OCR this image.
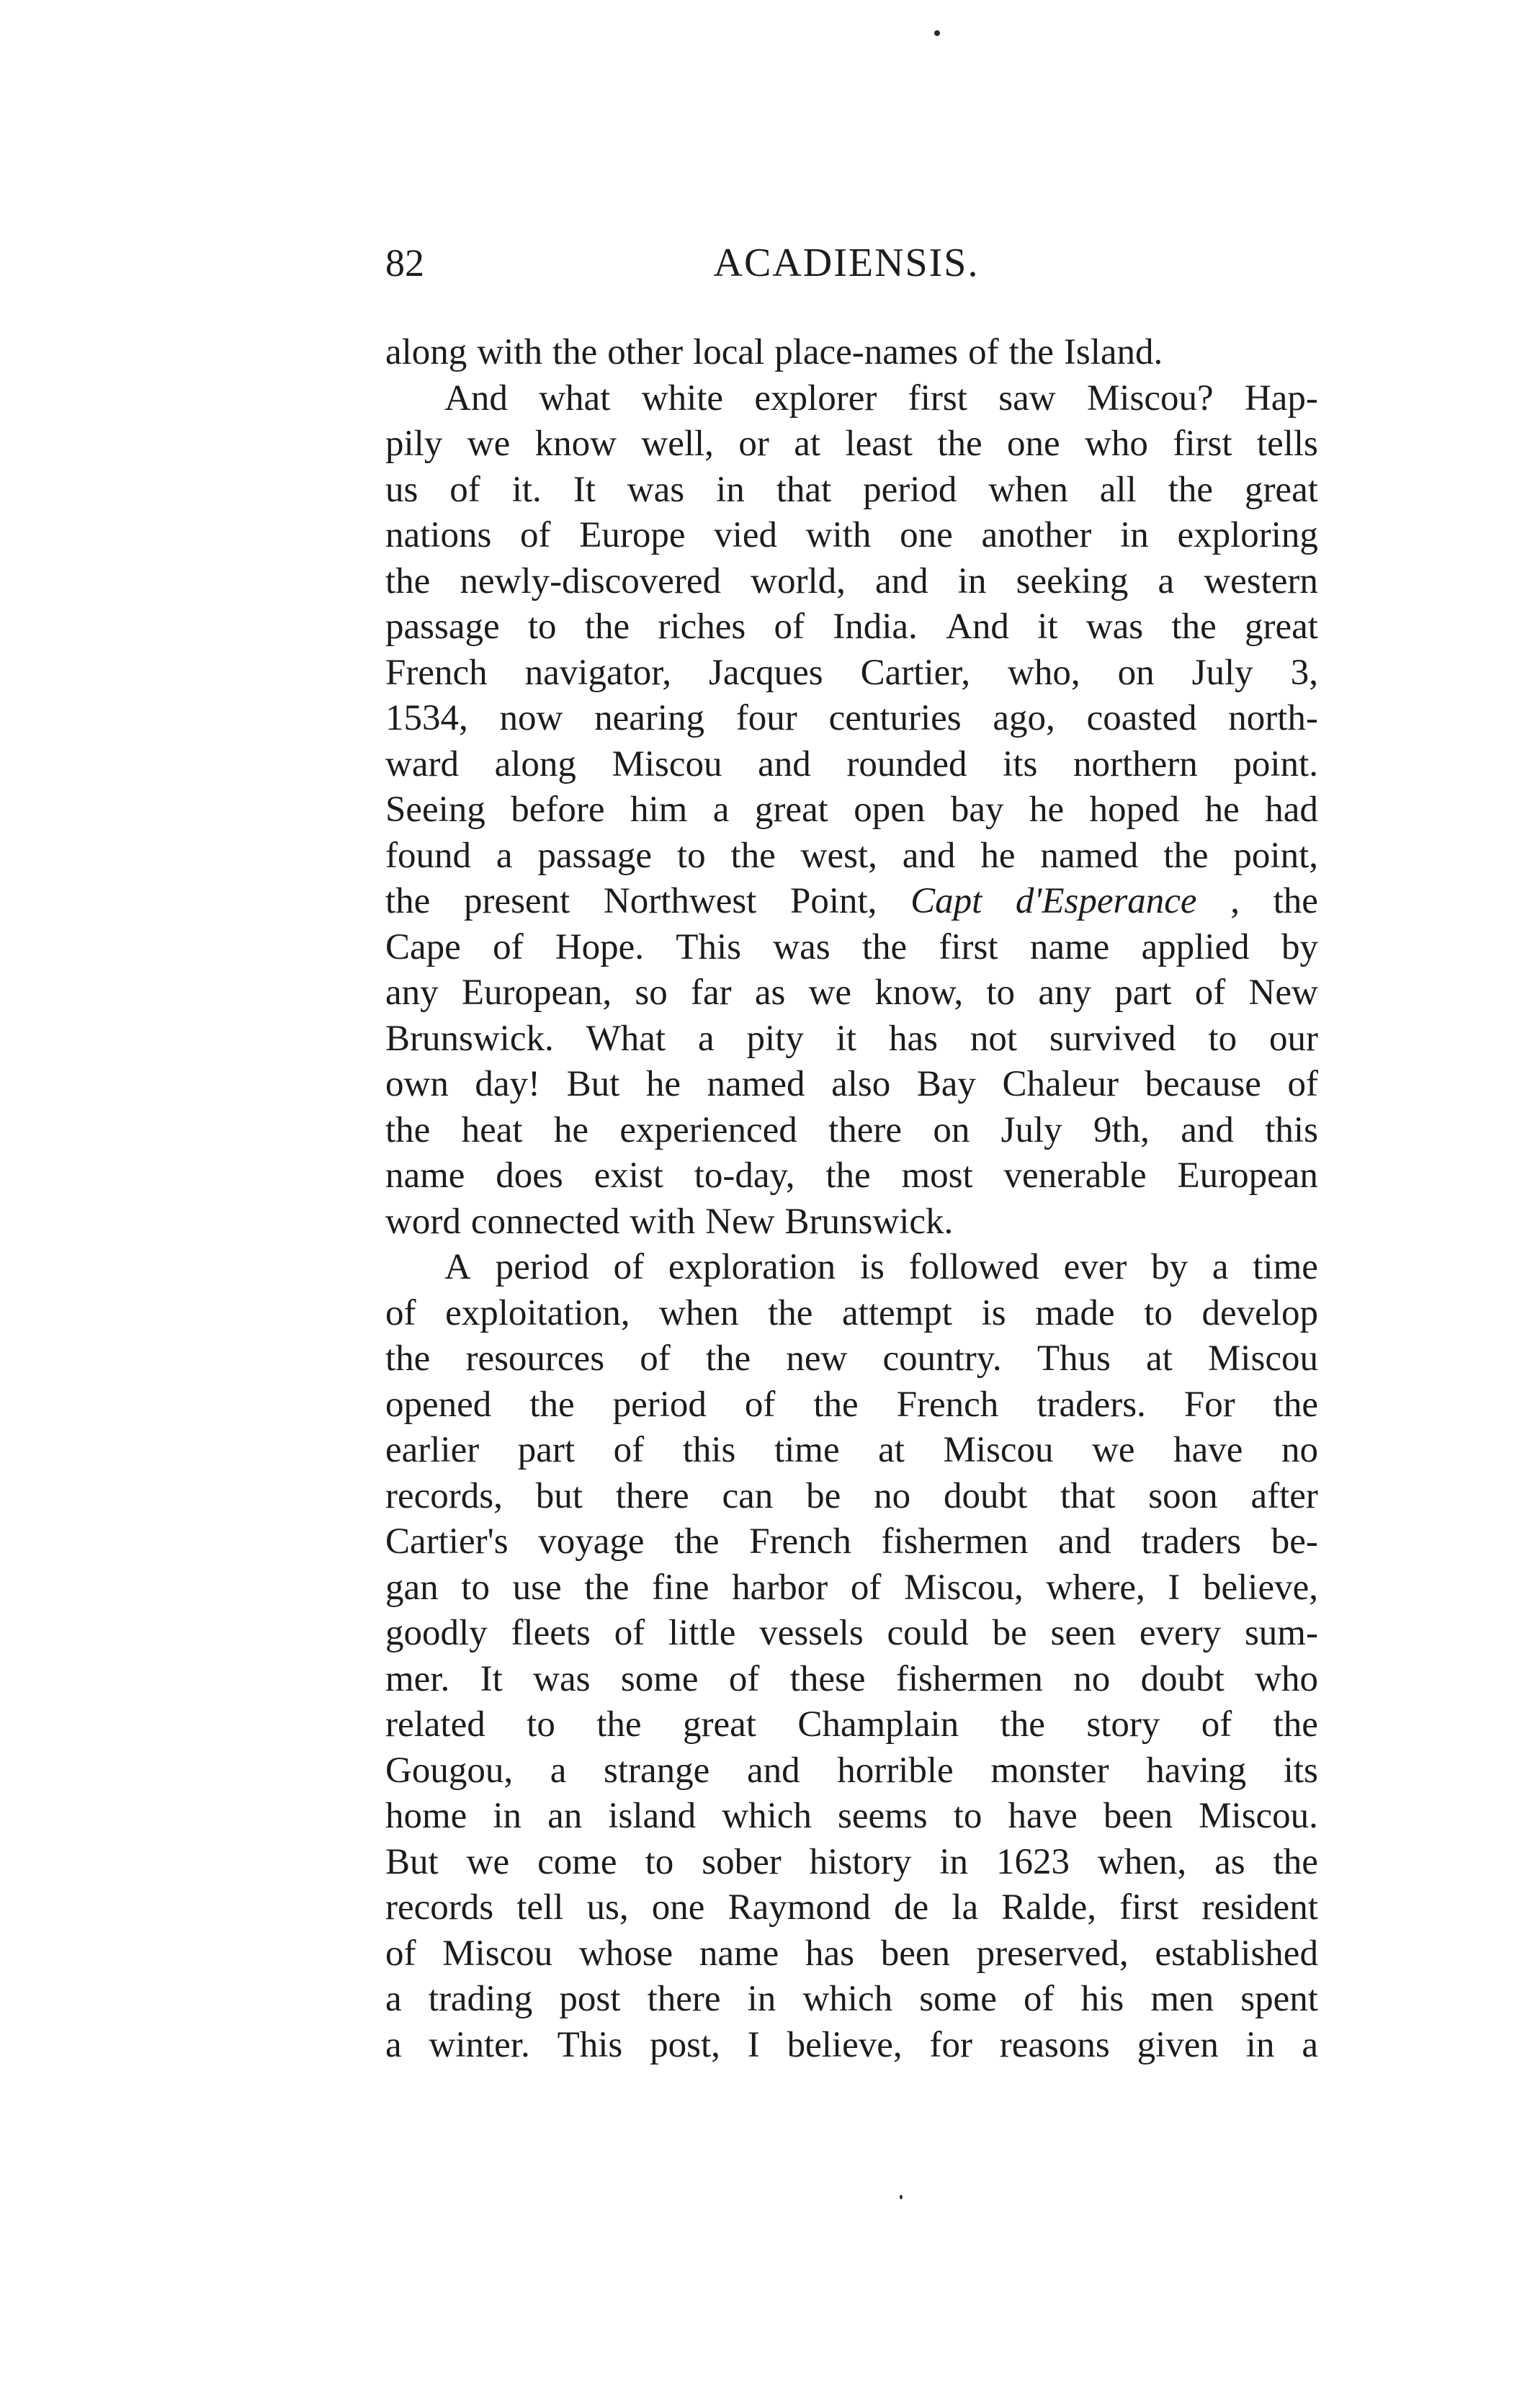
82	ACADIENSIS.
along with the other local place-names of the Island.
And what white explorer first saw Miscou? Hap-
pily we know well, or at least the one who first tells
us of it. It was in that period when all the great
nations of Europe vied with one another in exploring
the newly-discovered world, and in seeking a western
passage to the riches of India. And it was the great
French navigator, Jacques Cartier, who, on July 3,
1534, now nearing four centuries ago, coasted north-
ward along Miscou and rounded its northern point.
Seeing before him a great open bay he hoped he had
found a passage to the west, and he named the point,
the present Northwest Point, Capt d'Esperance , the
Cape of Hope. This was the first name applied by
any European, so far as we know, to any part of New
Brunswick. What a pity it has not survived to our
own day! But he named also Bay Chaleur because of
the heat he experienced there on July 9th, and this
name does exist to-day, the most venerable European
word connected with New Brunswick.
A period of exploration is followed ever by a time
of exploitation, when the attempt is made to develop
the resources of the new country. Thus at Miscou
opened the period of the French traders. For the
earlier part of this time at Miscou we have no
records, but there can be no doubt that soon after
Cartier's voyage the French fishermen and traders be-
gan to use the fine harbor of Miscou, where, I believe,
goodly fleets of little vessels could be seen every sum-
mer. It was some of these fishermen no doubt who
related to the great Champlain the story of the
Gougou, a strange and horrible monster having its
home in an island which seems to have been Miscou.
But we come to sober history in 1623 when, as the
records tell us, one Raymond de la Ralde, first resident
of Miscou whose name has been preserved, established
a trading post there in which some of his men spent
a winter. This post, I believe, for reasons given in a
